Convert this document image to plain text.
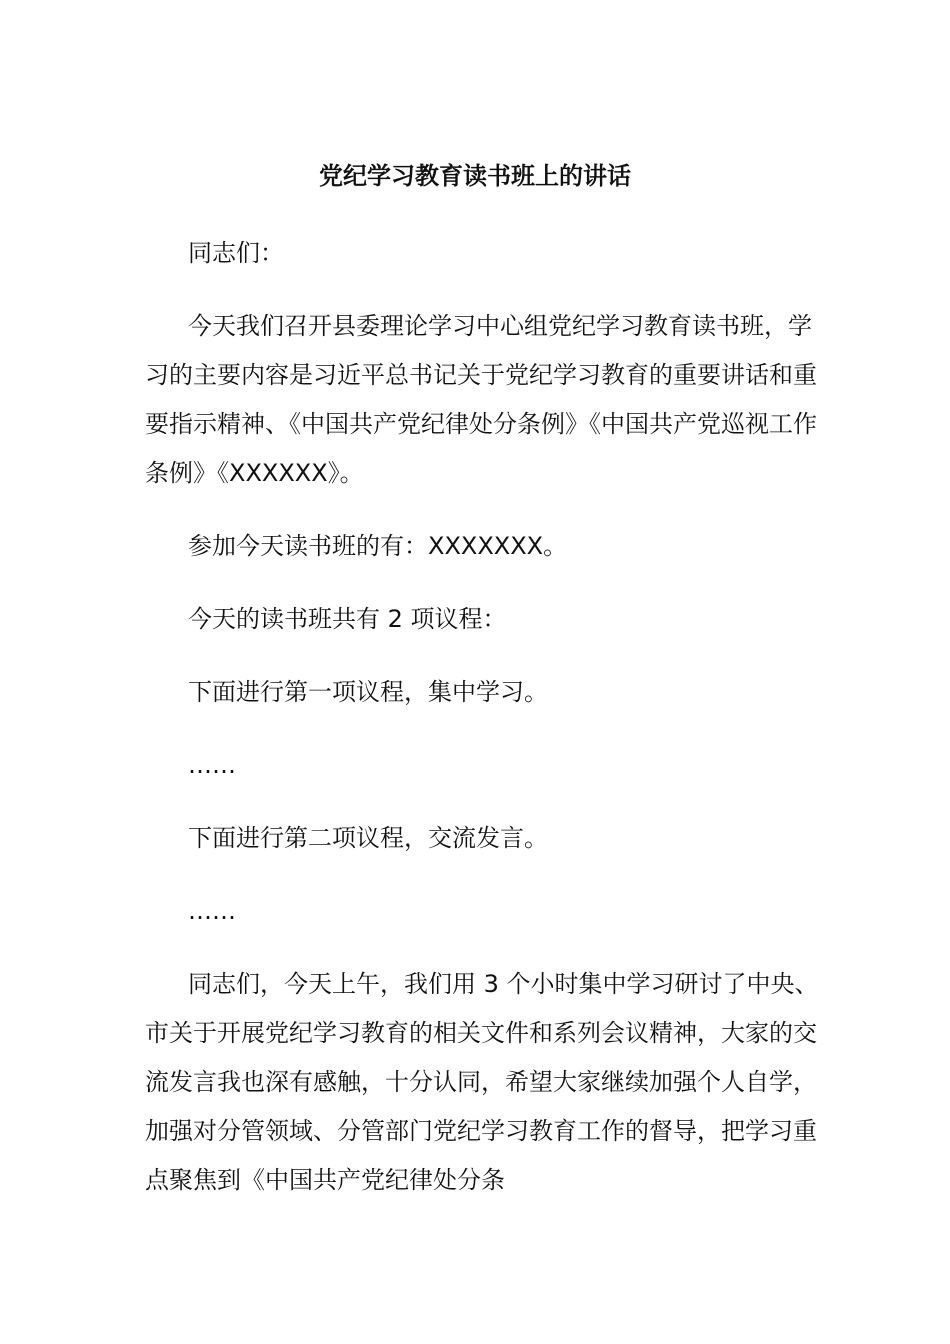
党纪学习教育读书班上的讲话

同志们：

今天我们召开县委理论学习中心组党纪学习教育读书班，学习的主要内容是习近平总书记关于党纪学习教育的重要讲话和重要指示精神、《中国共产党纪律处分条例》《中国共产党巡视工作条例》《XXXXXX》。

参加今天读书班的有：XXXXXXX。

今天的读书班共有 2 项议程：

下面进行第一项议程，集中学习。

……

下面进行第二项议程，交流发言。

……

同志们，今天上午，我们用 3 个小时集中学习研讨了中央、市关于开展党纪学习教育的相关文件和系列会议精神，大家的交流发言我也深有感触，十分认同，希望大家继续加强个人自学，加强对分管领域、分管部门党纪学习教育工作的督导，把学习重点聚焦到《中国共产党纪律处分条
